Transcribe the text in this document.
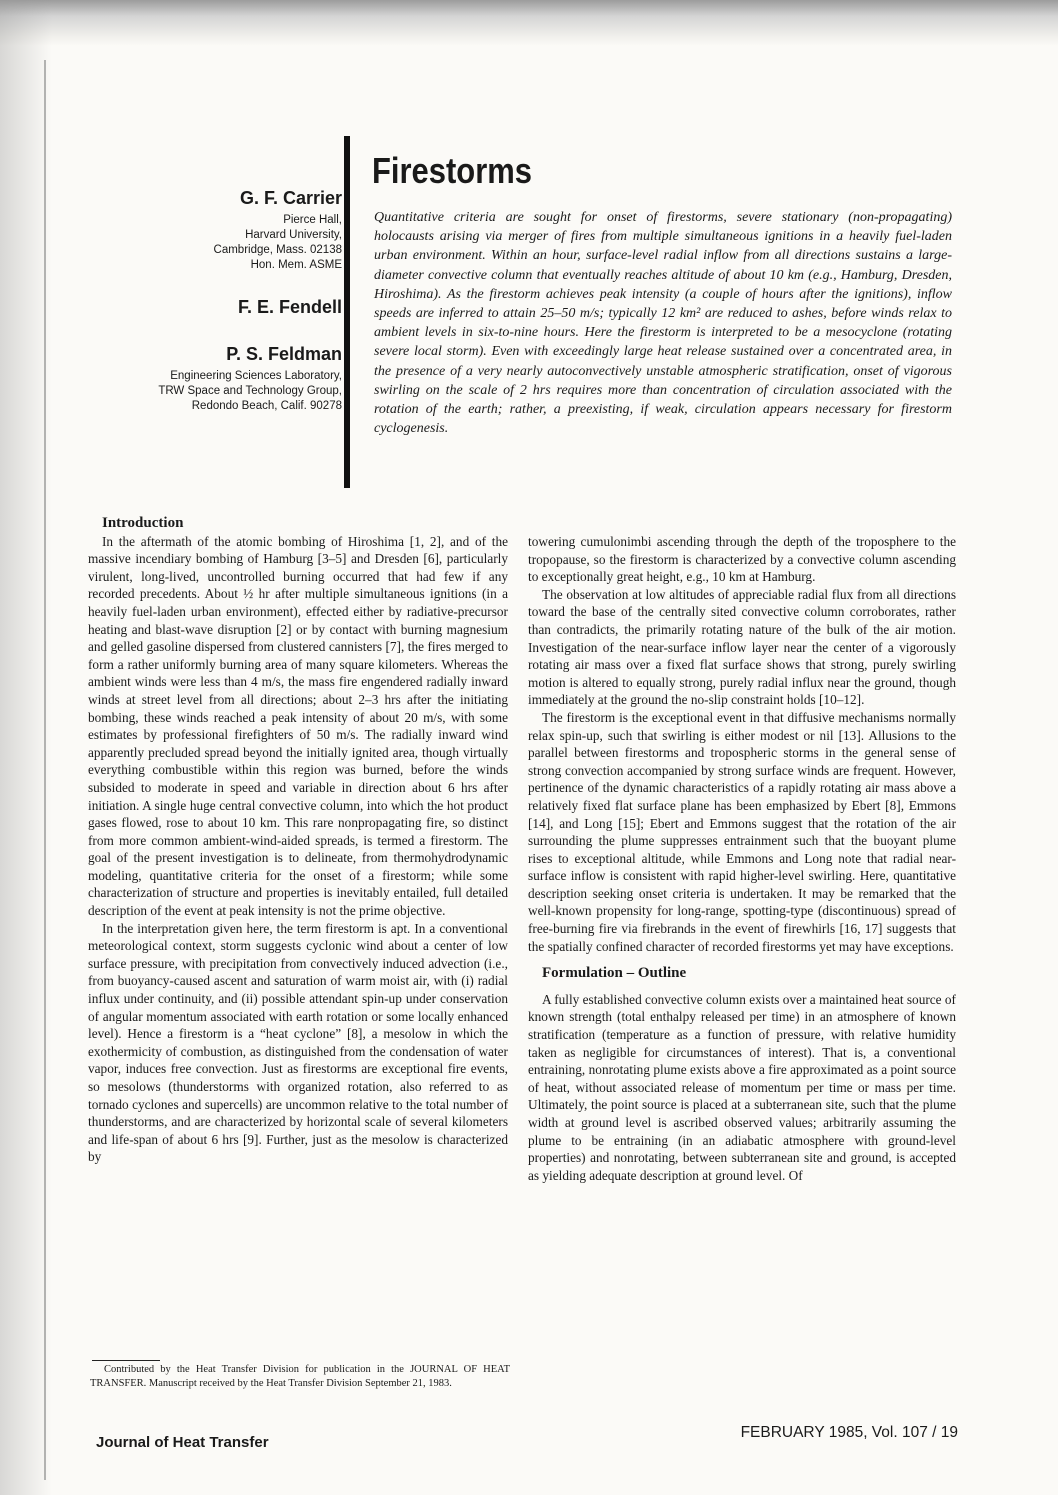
G. F. Carrier

Pierce Hall,
Harvard University,
Cambridge, Mass. 02138
Hon. Mem. ASME

F. E. Fendell

P. S. Feldman

Engineering Sciences Laboratory,
TRW Space and Technology Group,
Redondo Beach, Calif. 90278
Firestorms

Quantitative criteria are sought for onset of firestorms, severe stationary (non-propagating) holocausts arising via merger of fires from multiple simultaneous ignitions in a heavily fuel-laden urban environment. Within an hour, surface-level radial inflow from all directions sustains a large-diameter convective column that eventually reaches altitude of about 10 km (e.g., Hamburg, Dresden, Hiroshima). As the firestorm achieves peak intensity (a couple of hours after the ignitions), inflow speeds are inferred to attain 25–50 m/s; typically 12 km² are reduced to ashes, before winds relax to ambient levels in six-to-nine hours. Here the firestorm is interpreted to be a mesocyclone (rotating severe local storm). Even with exceedingly large heat release sustained over a concentrated area, in the presence of a very nearly autoconvectively unstable atmospheric stratification, onset of vigorous swirling on the scale of 2 hrs requires more than concentration of circulation associated with the rotation of the earth; rather, a preexisting, if weak, circulation appears necessary for firestorm cyclogenesis.

Introduction

In the aftermath of the atomic bombing of Hiroshima [1, 2], and of the massive incendiary bombing of Hamburg [3–5] and Dresden [6], particularly virulent, long-lived, uncontrolled burning occurred that had few if any recorded precedents. About ½ hr after multiple simultaneous ignitions (in a heavily fuel-laden urban environment), effected either by radiative-precursor heating and blast-wave disruption [2] or by contact with burning magnesium and gelled gasoline dispersed from clustered cannisters [7], the fires merged to form a rather uniformly burning area of many square kilometers. Whereas the ambient winds were less than 4 m/s, the mass fire engendered radially inward winds at street level from all directions; about 2–3 hrs after the initiating bombing, these winds reached a peak intensity of about 20 m/s, with some estimates by professional firefighters of 50 m/s. The radially inward wind apparently precluded spread beyond the initially ignited area, though virtually everything combustible within this region was burned, before the winds subsided to moderate in speed and variable in direction about 6 hrs after initiation. A single huge central convective column, into which the hot product gases flowed, rose to about 10 km. This rare nonpropagating fire, so distinct from more common ambient-wind-aided spreads, is termed a firestorm. The goal of the present investigation is to delineate, from thermohydrodynamic modeling, quantitative criteria for the onset of a firestorm; while some characterization of structure and properties is inevitably entailed, full detailed description of the event at peak intensity is not the prime objective.

In the interpretation given here, the term firestorm is apt. In a conventional meteorological context, storm suggests cyclonic wind about a center of low surface pressure, with precipitation from convectively induced advection (i.e., from buoyancy-caused ascent and saturation of warm moist air, with (i) radial influx under continuity, and (ii) possible attendant spin-up under conservation of angular momentum associated with earth rotation or some locally enhanced level). Hence a firestorm is a “heat cyclone” [8], a mesolow in which the exothermicity of combustion, as distinguished from the condensation of water vapor, induces free convection. Just as firestorms are exceptional fire events, so mesolows (thunderstorms with organized rotation, also referred to as tornado cyclones and supercells) are uncommon relative to the total number of thunderstorms, and are characterized by horizontal scale of several kilometers and life-span of about 6 hrs [9]. Further, just as the mesolow is characterized by

towering cumulonimbi ascending through the depth of the troposphere to the tropopause, so the firestorm is characterized by a convective column ascending to exceptionally great height, e.g., 10 km at Hamburg.

The observation at low altitudes of appreciable radial flux from all directions toward the base of the centrally sited convective column corroborates, rather than contradicts, the primarily rotating nature of the bulk of the air motion. Investigation of the near-surface inflow layer near the center of a vigorously rotating air mass over a fixed flat surface shows that strong, purely swirling motion is altered to equally strong, purely radial influx near the ground, though immediately at the ground the no-slip constraint holds [10–12].

The firestorm is the exceptional event in that diffusive mechanisms normally relax spin-up, such that swirling is either modest or nil [13]. Allusions to the parallel between firestorms and tropospheric storms in the general sense of strong convection accompanied by strong surface winds are frequent. However, pertinence of the dynamic characteristics of a rapidly rotating air mass above a relatively fixed flat surface plane has been emphasized by Ebert [8], Emmons [14], and Long [15]; Ebert and Emmons suggest that the rotation of the air surrounding the plume suppresses entrainment such that the buoyant plume rises to exceptional altitude, while Emmons and Long note that radial near-surface inflow is consistent with rapid higher-level swirling. Here, quantitative description seeking onset criteria is undertaken. It may be remarked that the well-known propensity for long-range, spotting-type (discontinuous) spread of free-burning fire via firebrands in the event of firewhirls [16, 17] suggests that the spatially confined character of recorded firestorms yet may have exceptions.

Formulation – Outline

A fully established convective column exists over a maintained heat source of known strength (total enthalpy released per time) in an atmosphere of known stratification (temperature as a function of pressure, with relative humidity taken as negligible for circumstances of interest). That is, a conventional entraining, nonrotating plume exists above a fire approximated as a point source of heat, without associated release of momentum per time or mass per time. Ultimately, the point source is placed at a subterranean site, such that the plume width at ground level is ascribed observed values; arbitrarily assuming the plume to be entraining (in an adiabatic atmosphere with ground-level properties) and nonrotating, between subterranean site and ground, is accepted as yielding adequate description at ground level. Of

Contributed by the Heat Transfer Division for publication in the JOURNAL OF HEAT TRANSFER. Manuscript received by the Heat Transfer Division September 21, 1983.

Journal of Heat Transfer

FEBRUARY 1985, Vol. 107 / 19
